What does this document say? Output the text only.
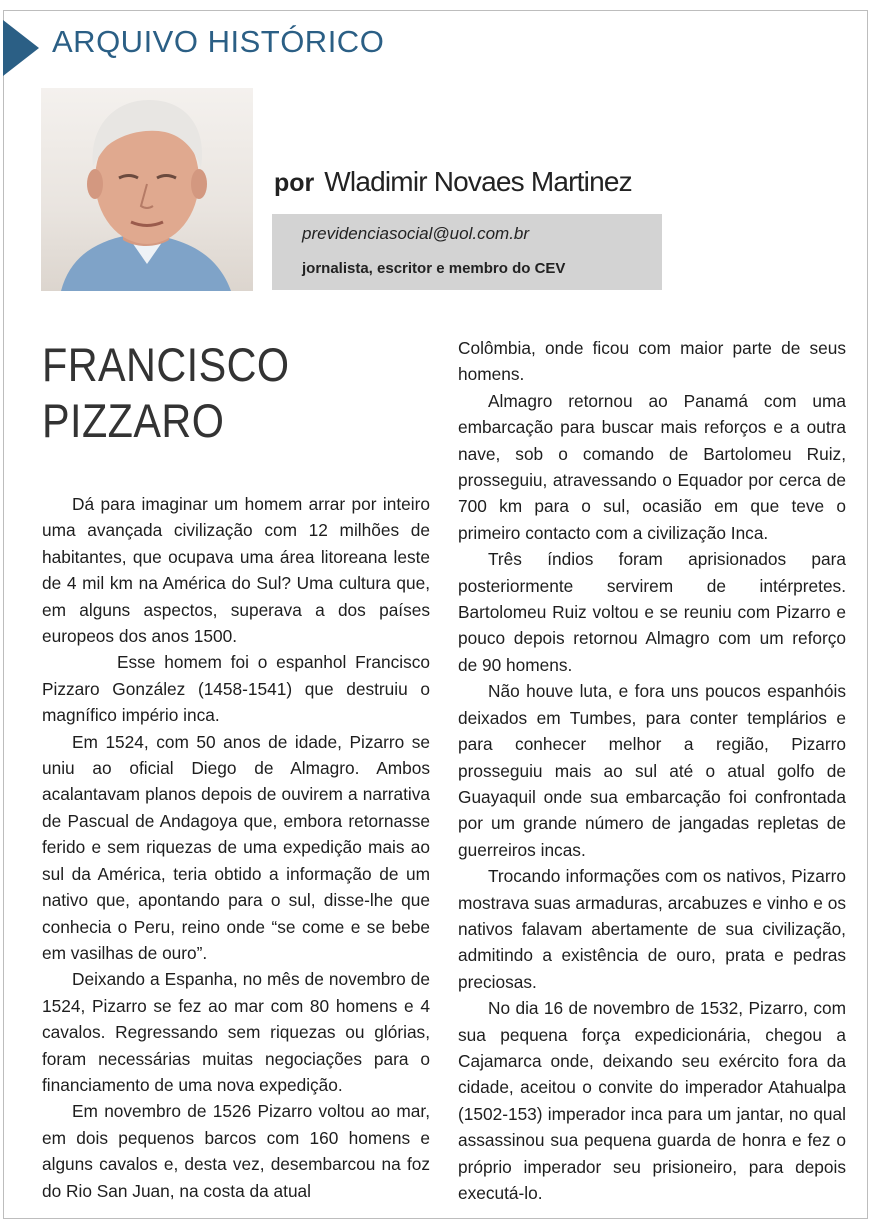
ARQUIVO HISTÓRICO
por Wladimir Novaes Martinez
previdenciasocial@uol.com.br
jornalista, escritor e membro do CEV
FRANCISCO PIZZARO

Dá para imaginar um homem arrar por inteiro uma avançada civilização com 12 milhões de habitantes, que ocupava uma área litoreana leste de 4 mil km na América do Sul? Uma cultura que, em alguns aspectos, superava a dos países europeos dos anos 1500.

Esse homem foi o espanhol Francisco Pizzaro González (1458-1541) que destruiu o magnífico império inca.

Em 1524, com 50 anos de idade, Pizarro se uniu ao oficial Diego de Almagro. Ambos acalantavam planos depois de ouvirem a narrativa de Pascual de Andagoya que, embora retornasse ferido e sem riquezas de uma expedição mais ao sul da América, teria obtido a informação de um nativo que, apontando para o sul, disse-lhe que conhecia o Peru, reino onde “se come e se bebe em vasilhas de ouro”.

Deixando a Espanha, no mês de novembro de 1524, Pizarro se fez ao mar com 80 homens e 4 cavalos. Regressando sem riquezas ou glórias, foram necessárias muitas negociações para o financiamento de uma nova expedição.

Em novembro de 1526 Pizarro voltou ao mar, em dois pequenos barcos com 160 homens e alguns cavalos e, desta vez, desembarcou na foz do Rio San Juan, na costa da atual

Colômbia, onde ficou com maior parte de seus homens.

Almagro retornou ao Panamá com uma embarcação para buscar mais reforços e a outra nave, sob o comando de Bartolomeu Ruiz, prosseguiu, atravessando o Equador por cerca de 700 km para o sul, ocasião em que teve o primeiro contacto com a civilização Inca.

Três índios foram aprisionados para posteriormente servirem de intérpretes. Bartolomeu Ruiz voltou e se reuniu com Pizarro e pouco depois retornou Almagro com um reforço de 90 homens.

Não houve luta, e fora uns poucos espanhóis deixados em Tumbes, para conter templários e para conhecer melhor a região, Pizarro prosseguiu mais ao sul até o atual golfo de Guayaquil onde sua embarcação foi confrontada por um grande número de jangadas repletas de guerreiros incas.

Trocando informações com os nativos, Pizarro mostrava suas armaduras, arcabuzes e vinho e os nativos falavam abertamente de sua civilização, admitindo a existência de ouro, prata e pedras preciosas.

No dia 16 de novembro de 1532, Pizarro, com sua pequena força expedicionária, chegou a Cajamarca onde, deixando seu exército fora da cidade, aceitou o convite do imperador Atahualpa (1502-153) imperador inca para um jantar, no qual assassinou sua pequena guarda de honra e fez o próprio imperador seu prisioneiro, para depois executá-lo.
